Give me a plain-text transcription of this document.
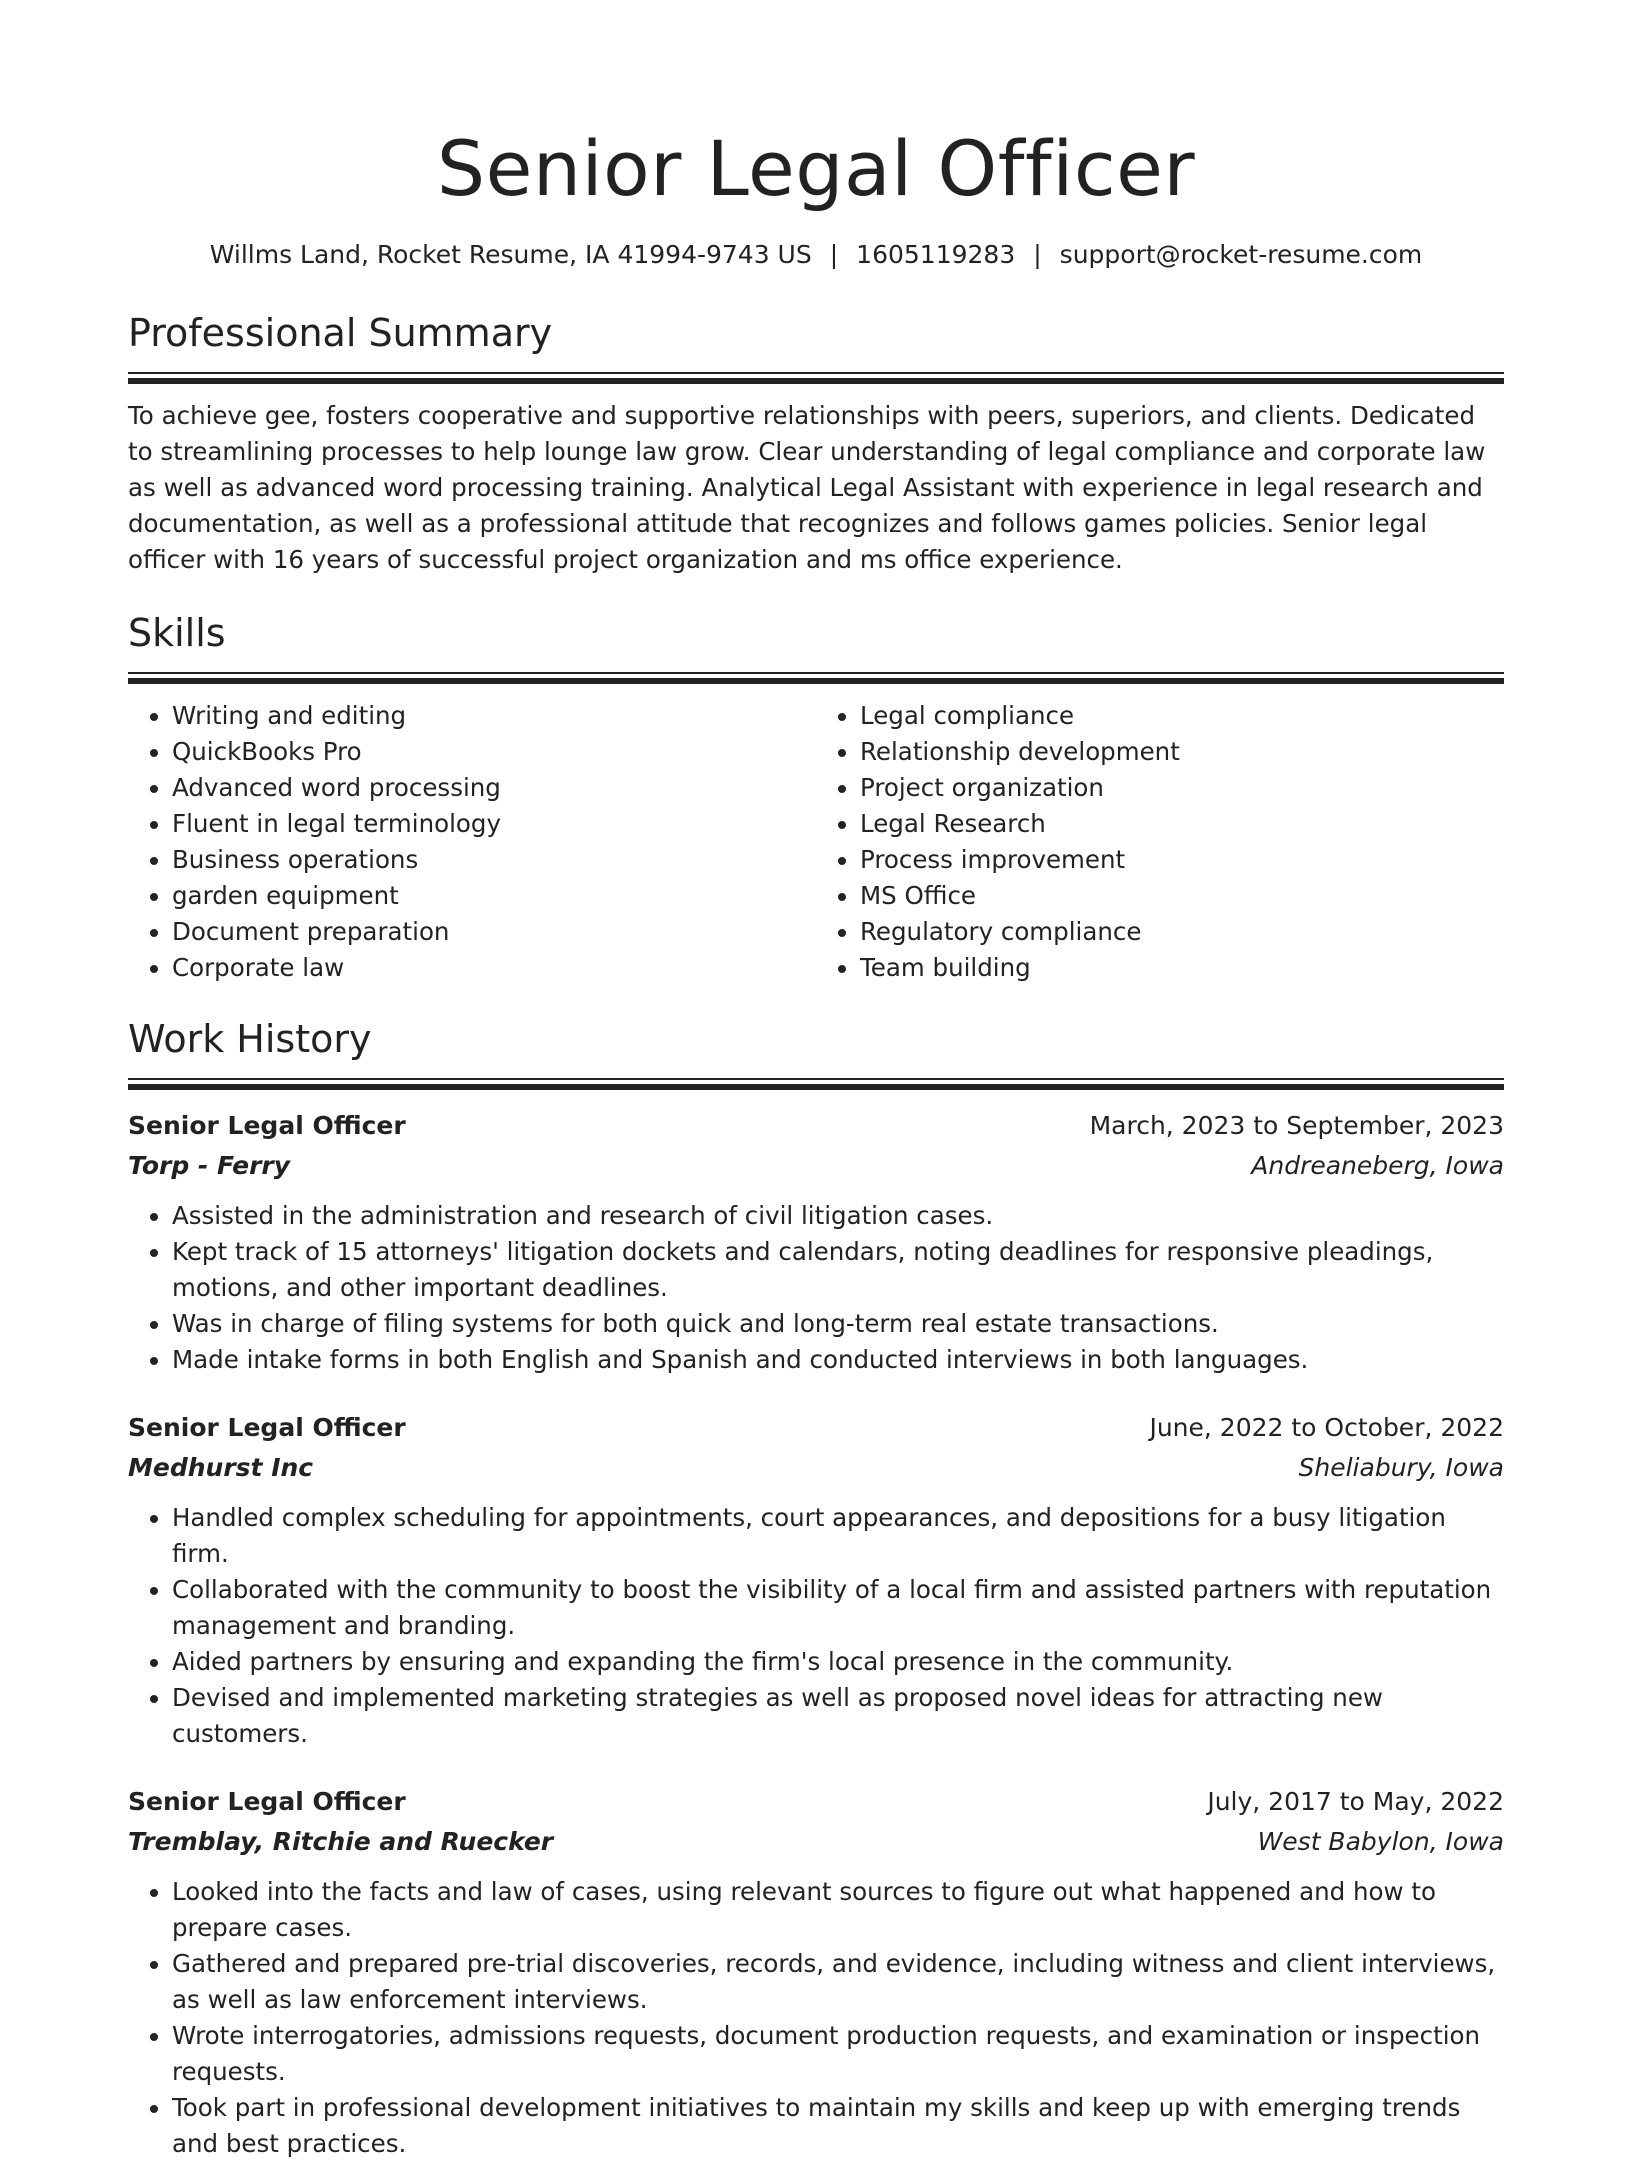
Senior Legal Officer
Willms Land, Rocket Resume, IA 41994-9743 US | 1605119283 | support@rocket-resume.com
Professional Summary

To achieve gee, fosters cooperative and supportive relationships with peers, superiors, and clients. Dedicated to streamlining processes to help lounge law grow. Clear understanding of legal compliance and corporate law as well as advanced word processing training. Analytical Legal Assistant with experience in legal research and documentation, as well as a professional attitude that recognizes and follows games policies. Senior legal officer with 16 years of successful project organization and ms office experience.

Skills
• Writing and editing
• QuickBooks Pro
• Advanced word processing
• Fluent in legal terminology
• Business operations
• garden equipment
• Document preparation
• Corporate law
• Legal compliance
• Relationship development
• Project organization
• Legal Research
• Process improvement
• MS Office
• Regulatory compliance
• Team building
Work History
Senior Legal Officer	March, 2023 to September, 2023
Torp - Ferry	Andreaneberg, Iowa
• Assisted in the administration and research of civil litigation cases.
• Kept track of 15 attorneys' litigation dockets and calendars, noting deadlines for responsive pleadings, motions, and other important deadlines.
• Was in charge of filing systems for both quick and long-term real estate transactions.
• Made intake forms in both English and Spanish and conducted interviews in both languages.
Senior Legal Officer	June, 2022 to October, 2022
Medhurst Inc	Sheliabury, Iowa
• Handled complex scheduling for appointments, court appearances, and depositions for a busy litigation firm.
• Collaborated with the community to boost the visibility of a local firm and assisted partners with reputation management and branding.
• Aided partners by ensuring and expanding the firm's local presence in the community.
• Devised and implemented marketing strategies as well as proposed novel ideas for attracting new customers.
Senior Legal Officer	July, 2017 to May, 2022
Tremblay, Ritchie and Ruecker	West Babylon, Iowa
• Looked into the facts and law of cases, using relevant sources to figure out what happened and how to prepare cases.
• Gathered and prepared pre-trial discoveries, records, and evidence, including witness and client interviews, as well as law enforcement interviews.
• Wrote interrogatories, admissions requests, document production requests, and examination or inspection requests.
• Took part in professional development initiatives to maintain my skills and keep up with emerging trends and best practices.
